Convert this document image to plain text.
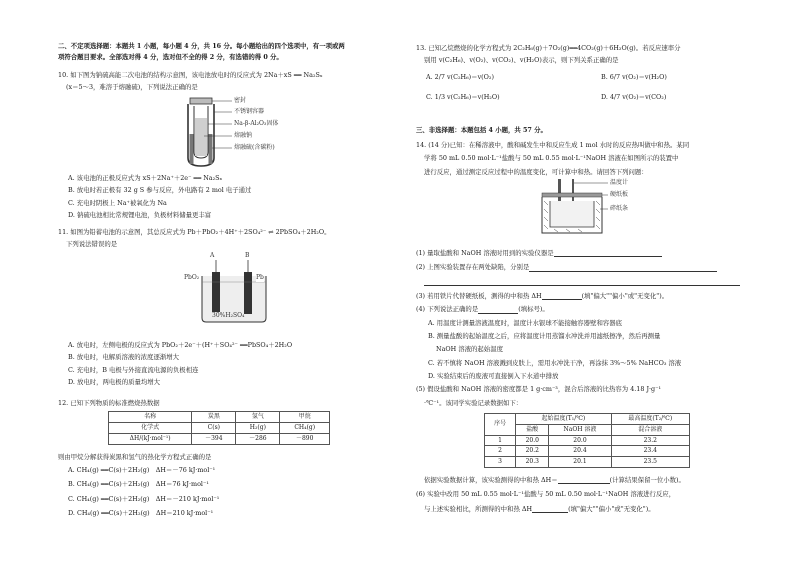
二、不定项选择题：本题共 1 小题，每小题 4 分，共 16 分。每小题给出的四个选项中，有一项或两

项符合题目要求。全部选对得 4 分，选对但不全的得 2 分，有选错的得 0 分。

10. 如下图为钠硫高能二次电池的结构示意图，该电池放电时的反应式为 2Na＋xS ══ Na₂Sₓ

(x＝5～3，难溶于熔融硫)，下列说法正确的是

密封
不锈钢容器
Na-β-Al₂O₃固体
熔融钠
熔融硫(含碳粉)

A. 该电池的正极反应式为 xS＋2Na⁺＋2e⁻ ══ Na₂Sₓ

B. 放电时若正极有 32 g S 参与反应，外电路有 2 mol 电子通过

C. 充电时阴极上 Na⁺被氧化为 Na

D. 钠硫电池相比常规锂电池，负极材料储量更丰富

11. 如图为铅蓄电池的示意图，其总反应式为 Pb＋PbO₂＋4H⁺＋2SO₄²⁻ ⇌ 2PbSO₄＋2H₂O。

下列说法错误的是

A	B
PbO₂	Pb
30%H₂SO₄

A. 放电时，左侧电极的反应式为 PbO₂＋2e⁻＋(H⁺＋SO₄²⁻ ══PbSO₄＋2H₂O

B. 放电时，电解质溶液的浓度逐渐增大

C. 充电时，B 电极与外接直流电源的负极相连

D. 放电时，两电极的质量均增大

12. 已知下列物质的标准燃烧热数据

名称	炭黑	氢气	甲烷
化学式	C(s)	H₂(g)	CH₄(g)
ΔH/(kJ·mol⁻¹)	－394	－286	－890

则由甲烷分解获得炭黑和氢气的热化学方程式正确的是

A. CH₄(g) ══C(s)＋2H₂(g)　ΔH＝－76 kJ·mol⁻¹

B. CH₄(g) ══C(s)＋2H₂(g)　ΔH＝76 kJ·mol⁻¹

C. CH₄(g) ══C(s)＋2H₂(g)　ΔH＝－210 kJ·mol⁻¹

D. CH₄(g) ══C(s)＋2H₂(g)　ΔH＝210 kJ·mol⁻¹

13. 已知乙烷燃烧的化学方程式为 2C₂H₆(g)＋7O₂(g)══4CO₂(g)＋6H₂O(g)。若反应速率分

别用 v(C₂H₆)、v(O₂)、v(CO₂)、v(H₂O)表示，则下列关系正确的是

A. 2/7 v(C₂H₆)＝v(O₂)	B. 6/7 v(O₂)＝v(H₂O)
C. 1/3 v(C₂H₆)＝v(H₂O)	D. 4/7 v(O₂)＝v(CO₂)

三、非选择题：本题包括 4 小题，共 57 分。

14. (14 分)已知：在稀溶液中，酸和碱发生中和反应生成 1 mol 水时的反应热叫做中和热。某同

学将 50 mL 0.50 mol·L⁻¹盐酸与 50 mL 0.55 mol·L⁻¹NaOH 溶液在如图所示的装置中

进行反应，通过测定反应过程中的温度变化，可计算中和热。请回答下列问题：

温度计
硬纸板
碎纸条

(1) 量取盐酸和 NaOH 溶液时用到的实验仪器是

(2) 上图实验装置存在两处缺陷，分别是

(3) 若用铁片代替硬纸板，测得的中和热 ΔH	(填"偏大""偏小"或"无变化")。

(4) 下列说法正确的是	(填标号)。

A. 用温度计测量溶液温度时，温度计水银球不能接触容器壁和容器底

B. 测量盐酸的起始温度之后，应将温度计用蒸馏水冲洗并用滤纸擦净，然后再测量

NaOH 溶液的起始温度

C. 若不慎将 NaOH 溶液溅到皮肤上，需用水冲洗干净，再涂抹 3%～5% NaHCO₃ 溶液

D. 实验结束后的废液可直接倒入下水道中排放

(5) 假设盐酸和 NaOH 溶液的密度都是 1 g·cm⁻³，混合后溶液的比热容为 4.18 J·g⁻¹

·℃⁻¹。该同学实验记录数据如下：

序号	起始温度(T₁/℃)		最高温度(T₂/℃)
	盐酸	NaOH 溶液	混合溶液
1	20.0	20.0	23.2
2	20.2	20.4	23.4
3	20.3	20.1	23.5

依据实验数据计算，该实验测得的中和热 ΔH＝	(计算结果保留一位小数)。

(6) 实验中改用 50 mL 0.55 mol·L⁻¹盐酸与 50 mL 0.50 mol·L⁻¹NaOH 溶液进行反应，

与上述实验相比，所测得的中和热 ΔH	(填"偏大""偏小"或"无变化")。
